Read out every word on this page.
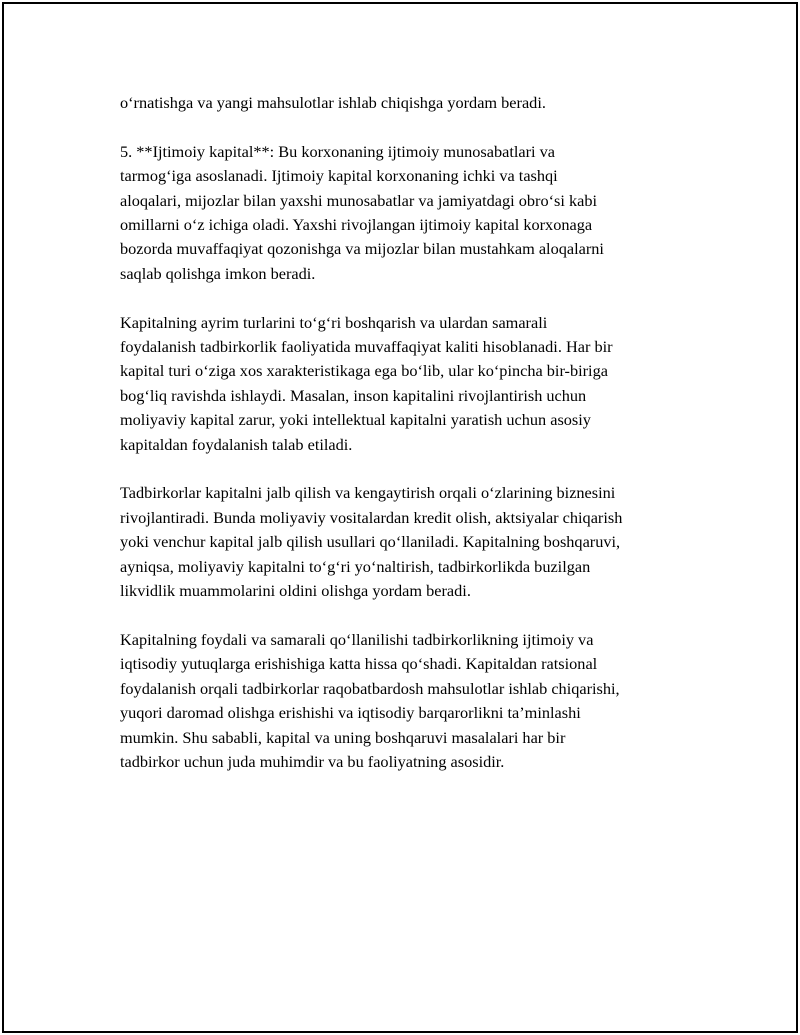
o‘rnatishga va yangi mahsulotlar ishlab chiqishga yordam beradi.

5. **Ijtimoiy kapital**: Bu korxonaning ijtimoiy munosabatlari va
tarmog‘iga asoslanadi. Ijtimoiy kapital korxonaning ichki va tashqi
aloqalari, mijozlar bilan yaxshi munosabatlar va jamiyatdagi obro‘si kabi
omillarni o‘z ichiga oladi. Yaxshi rivojlangan ijtimoiy kapital korxonaga
bozorda muvaffaqiyat qozonishga va mijozlar bilan mustahkam aloqalarni
saqlab qolishga imkon beradi.

Kapitalning ayrim turlarini to‘g‘ri boshqarish va ulardan samarali
foydalanish tadbirkorlik faoliyatida muvaffaqiyat kaliti hisoblanadi. Har bir
kapital turi o‘ziga xos xarakteristikaga ega bo‘lib, ular ko‘pincha bir-biriga
bog‘liq ravishda ishlaydi. Masalan, inson kapitalini rivojlantirish uchun
moliyaviy kapital zarur, yoki intellektual kapitalni yaratish uchun asosiy
kapitaldan foydalanish talab etiladi.

Tadbirkorlar kapitalni jalb qilish va kengaytirish orqali o‘zlarining biznesini
rivojlantiradi. Bunda moliyaviy vositalardan kredit olish, aktsiyalar chiqarish
yoki venchur kapital jalb qilish usullari qo‘llaniladi. Kapitalning boshqaruvi,
ayniqsa, moliyaviy kapitalni to‘g‘ri yo‘naltirish, tadbirkorlikda buzilgan
likvidlik muammolarini oldini olishga yordam beradi.

Kapitalning foydali va samarali qo‘llanilishi tadbirkorlikning ijtimoiy va
iqtisodiy yutuqlarga erishishiga katta hissa qo‘shadi. Kapitaldan ratsional
foydalanish orqali tadbirkorlar raqobatbardosh mahsulotlar ishlab chiqarishi,
yuqori daromad olishga erishishi va iqtisodiy barqarorlikni ta’minlashi
mumkin. Shu sababli, kapital va uning boshqaruvi masalalari har bir
tadbirkor uchun juda muhimdir va bu faoliyatning asosidir.
